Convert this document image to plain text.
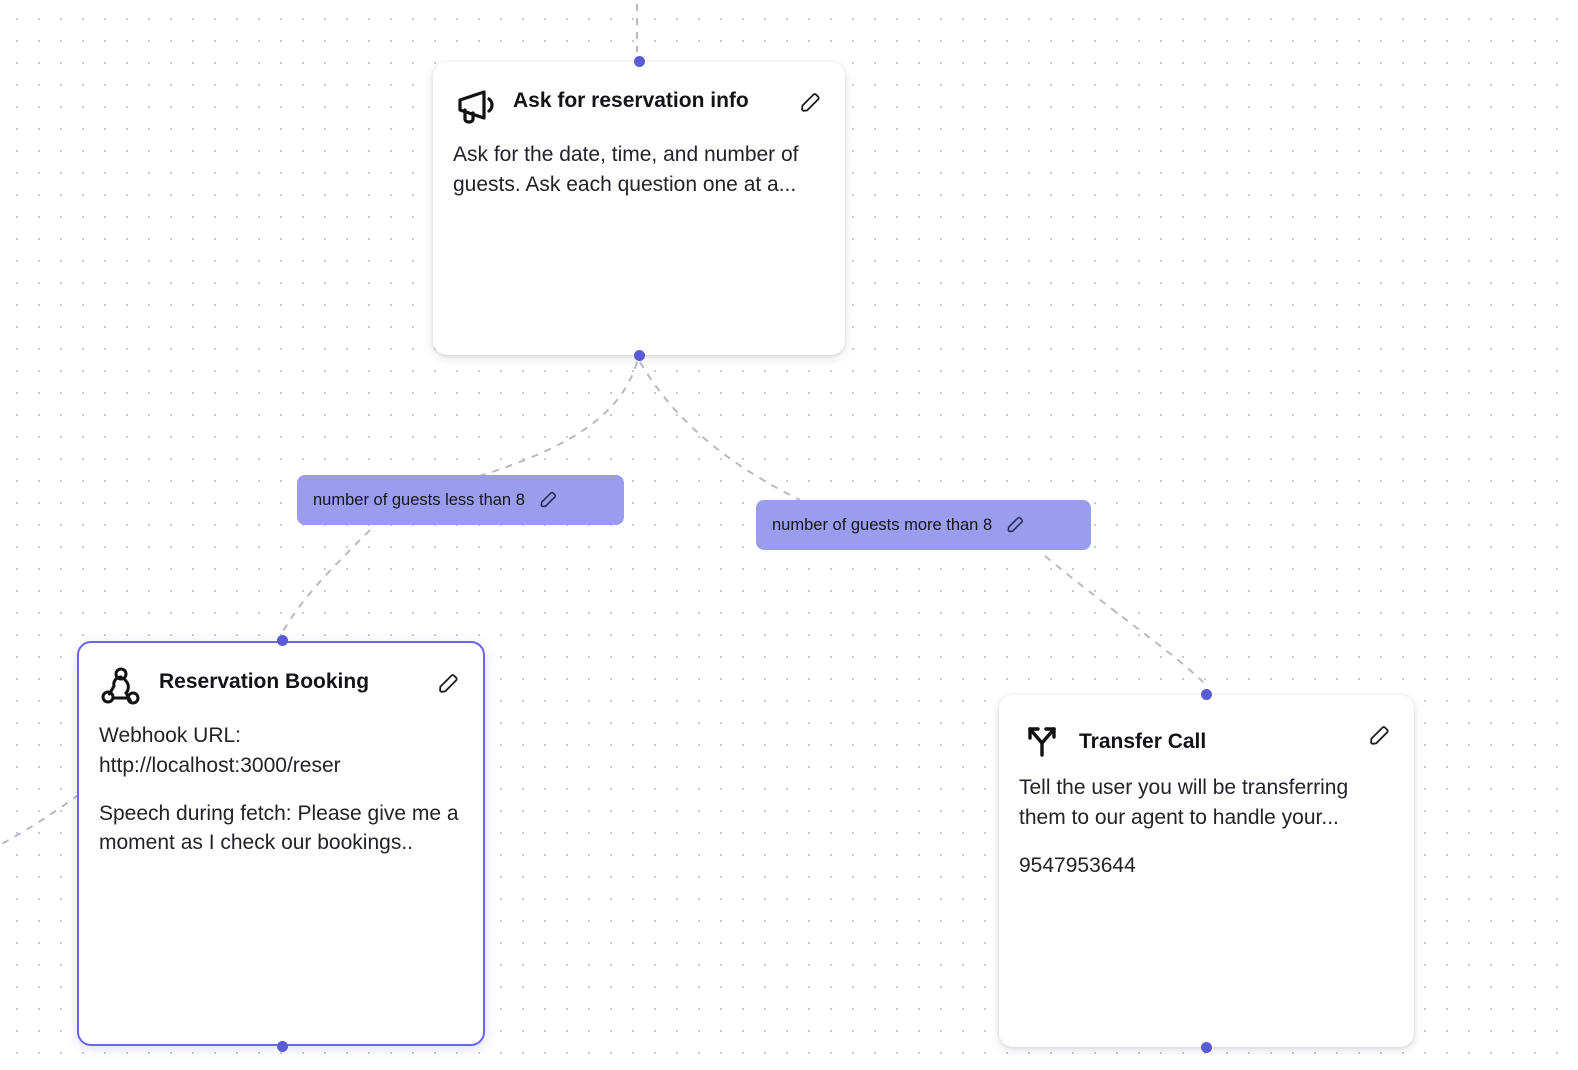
Ask for reservation info

Ask for the date, time, and number of guests. Ask each question one at a...

number of guests less than 8
number of guests more than 8
Reservation Booking

Webhook URL: http://localhost:3000/reser

Speech during fetch: Please give me a moment as I check our bookings..

Transfer Call

Tell the user you will be transferring them to our agent to handle your...

9547953644
